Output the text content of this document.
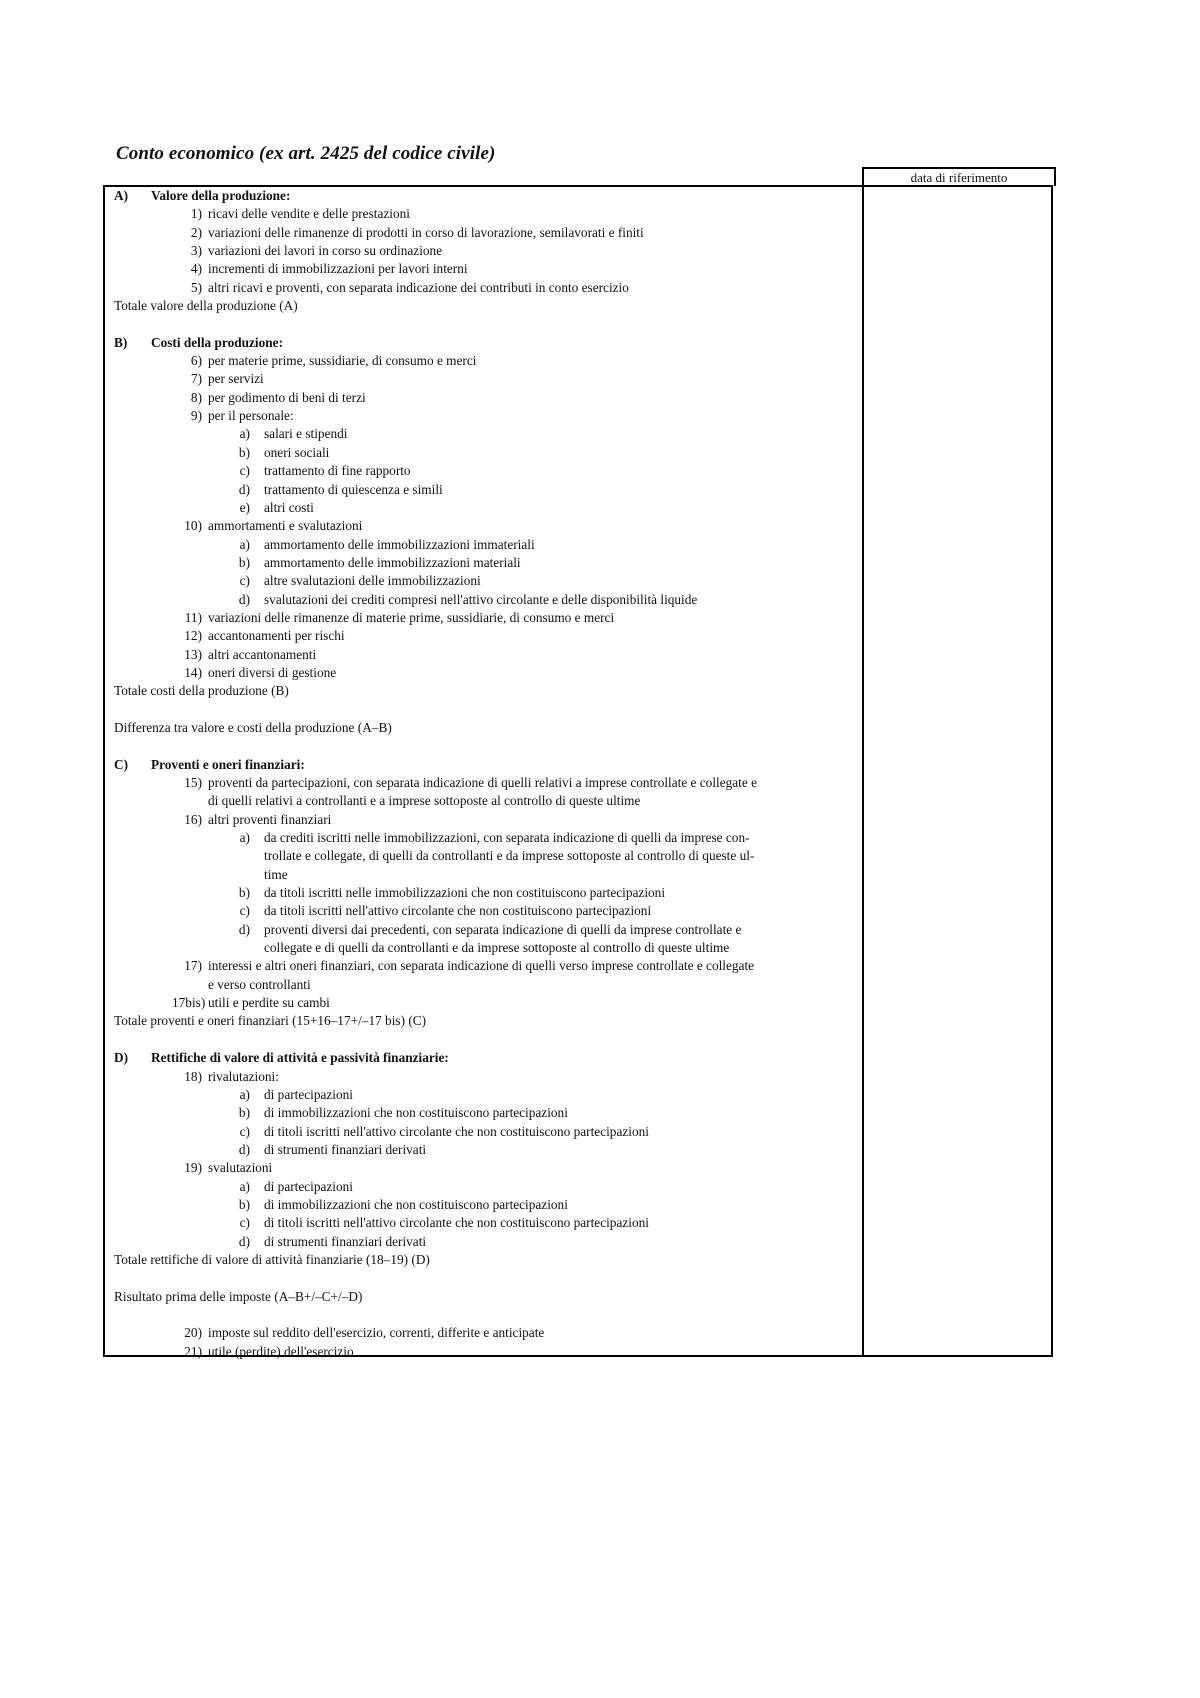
Conto economico (ex art. 2425 del codice civile)
data di riferimento
A) Valore della produzione:
1) ricavi delle vendite e delle prestazioni
2) variazioni delle rimanenze di prodotti in corso di lavorazione, semilavorati e finiti
3) variazioni dei lavori in corso su ordinazione
4) incrementi di immobilizzazioni per lavori interni
5) altri ricavi e proventi, con separata indicazione dei contributi in conto esercizio
Totale valore della produzione (A)
B) Costi della produzione:
6) per materie prime, sussidiarie, di consumo e merci
7) per servizi
8) per godimento di beni di terzi
9) per il personale:
a) salari e stipendi
b) oneri sociali
c) trattamento di fine rapporto
d) trattamento di quiescenza e simili
e) altri costi
10) ammortamenti e svalutazioni
a) ammortamento delle immobilizzazioni immateriali
b) ammortamento delle immobilizzazioni materiali
c) altre svalutazioni delle immobilizzazioni
d) svalutazioni dei crediti compresi nell'attivo circolante e delle disponibilità liquide
11) variazioni delle rimanenze di materie prime, sussidiarie, di consumo e merci
12) accantonamenti per rischi
13) altri accantonamenti
14) oneri diversi di gestione
Totale costi della produzione (B)
Differenza tra valore e costi della produzione (A–B)
C) Proventi e oneri finanziari:
15) proventi da partecipazioni, con separata indicazione di quelli relativi a imprese controllate e collegate e
di quelli relativi a controllanti e a imprese sottoposte al controllo di queste ultime
16) altri proventi finanziari
a) da crediti iscritti nelle immobilizzazioni, con separata indicazione di quelli da imprese con-
trollate e collegate, di quelli da controllanti e da imprese sottoposte al controllo di queste ul-
time
b) da titoli iscritti nelle immobilizzazioni che non costituiscono partecipazioni
c) da titoli iscritti nell'attivo circolante che non costituiscono partecipazioni
d) proventi diversi dai precedenti, con separata indicazione di quelli da imprese controllate e
collegate e di quelli da controllanti e da imprese sottoposte al controllo di queste ultime
17) interessi e altri oneri finanziari, con separata indicazione di quelli verso imprese controllate e collegate
e verso controllanti
17bis) utili e perdite su cambi
Totale proventi e oneri finanziari (15+16–17+/–17 bis) (C)
D) Rettifiche di valore di attività e passività finanziarie:
18) rivalutazioni:
a) di partecipazioni
b) di immobilizzazioni che non costituiscono partecipazioni
c) di titoli iscritti nell'attivo circolante che non costituiscono partecipazioni
d) di strumenti finanziari derivati
19) svalutazioni
a) di partecipazioni
b) di immobilizzazioni che non costituiscono partecipazioni
c) di titoli iscritti nell'attivo circolante che non costituiscono partecipazioni
d) di strumenti finanziari derivati
Totale rettifiche di valore di attività finanziarie (18–19) (D)
Risultato prima delle imposte (A–B+/–C+/–D)
20) imposte sul reddito dell'esercizio, correnti, differite e anticipate
21) utile (perdite) dell'esercizio
